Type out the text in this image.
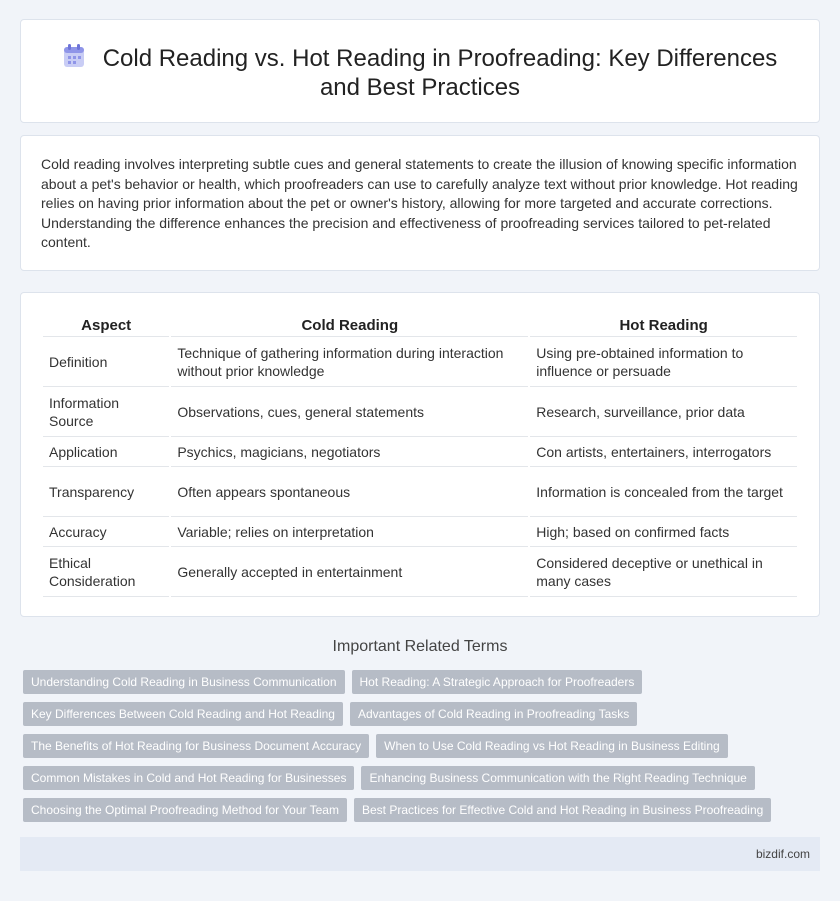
Cold Reading vs. Hot Reading in Proofreading: Key Differences
and Best Practices

Cold reading involves interpreting subtle cues and general statements to create the illusion of knowing specific information about a pet's behavior or health, which proofreaders can use to carefully analyze text without prior knowledge. Hot reading relies on having prior information about the pet or owner's history, allowing for more targeted and accurate corrections. Understanding the difference enhances the precision and effectiveness of proofreading services tailored to pet-related content.

Aspect	Cold Reading	Hot Reading
Definition	Technique of gathering information during interaction without prior knowledge	Using pre-obtained information to influence or persuade
Information Source	Observations, cues, general statements	Research, surveillance, prior data
Application	Psychics, magicians, negotiators	Con artists, entertainers, interrogators
Transparency	Often appears spontaneous	Information is concealed from the target
Accuracy	Variable; relies on interpretation	High; based on confirmed facts
Ethical Consideration	Generally accepted in entertainment	Considered deceptive or unethical in many cases
Important Related Terms
Understanding Cold Reading in Business Communication	Hot Reading: A Strategic Approach for Proofreaders
Key Differences Between Cold Reading and Hot Reading	Advantages of Cold Reading in Proofreading Tasks
The Benefits of Hot Reading for Business Document Accuracy	When to Use Cold Reading vs Hot Reading in Business Editing
Common Mistakes in Cold and Hot Reading for Businesses	Enhancing Business Communication with the Right Reading Technique
Choosing the Optimal Proofreading Method for Your Team	Best Practices for Effective Cold and Hot Reading in Business Proofreading
bizdif.com
